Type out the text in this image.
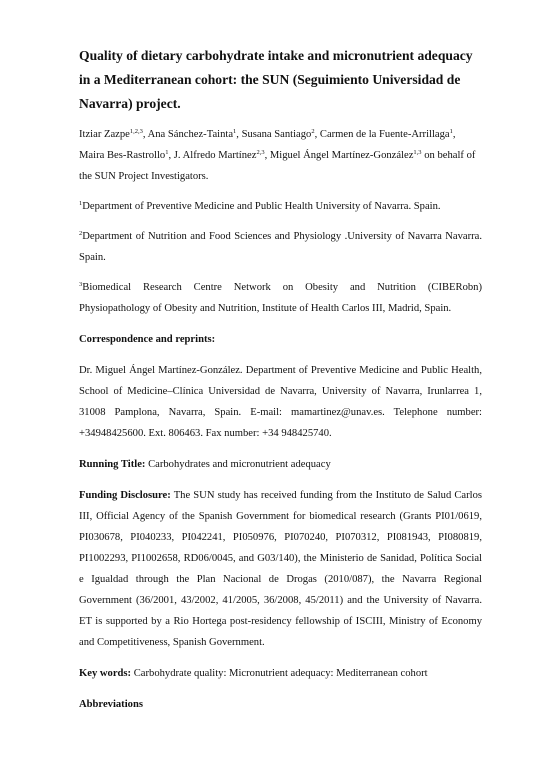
Quality of dietary carbohydrate intake and micronutrient adequacy in a Mediterranean cohort: the SUN (Seguimiento Universidad de Navarra) project.
Itziar Zazpe$^{1,2,3}$, Ana Sánchez-Tainta$^1$, Susana Santiago$^2$, Carmen de la Fuente-Arrillaga$^1$, Maira Bes-Rastrollo$^1$, J. Alfredo Martínez$^{2,3}$, Miguel Ángel Martínez-González$^{1,3}$ on behalf of the SUN Project Investigators.
$^1$Department of Preventive Medicine and Public Health University of Navarra. Spain.
$^2$Department of Nutrition and Food Sciences and Physiology .University of Navarra Navarra. Spain.
$^3$Biomedical Research Centre Network on Obesity and Nutrition (CIBERobn) Physiopathology of Obesity and Nutrition, Institute of Health Carlos III, Madrid, Spain.
Correspondence and reprints:
Dr. Miguel Ángel Martínez-González. Department of Preventive Medicine and Public Health, School of Medicine–Clínica Universidad de Navarra, University of Navarra, Irunlarrea 1, 31008 Pamplona, Navarra, Spain. E-mail: mamartinez@unav.es. Telephone number: +34948425600. Ext. 806463. Fax number: +34 948425740.
Running Title: Carbohydrates and micronutrient adequacy
Funding Disclosure: The SUN study has received funding from the Instituto de Salud Carlos III, Official Agency of the Spanish Government for biomedical research (Grants PI01/0619, PI030678, PI040233, PI042241, PI050976, PI070240, PI070312, PI081943, PI080819, PI1002293, PI1002658, RD06/0045, and G03/140), the Ministerio de Sanidad, Política Social e Igualdad through the Plan Nacional de Drogas (2010/087), the Navarra Regional Government (36/2001, 43/2002, 41/2005, 36/2008, 45/2011) and the University of Navarra. ET is supported by a Rio Hortega post-residency fellowship of ISCIII, Ministry of Economy and Competitiveness, Spanish Government.
Key words: Carbohydrate quality: Micronutrient adequacy: Mediterranean cohort
Abbreviations
